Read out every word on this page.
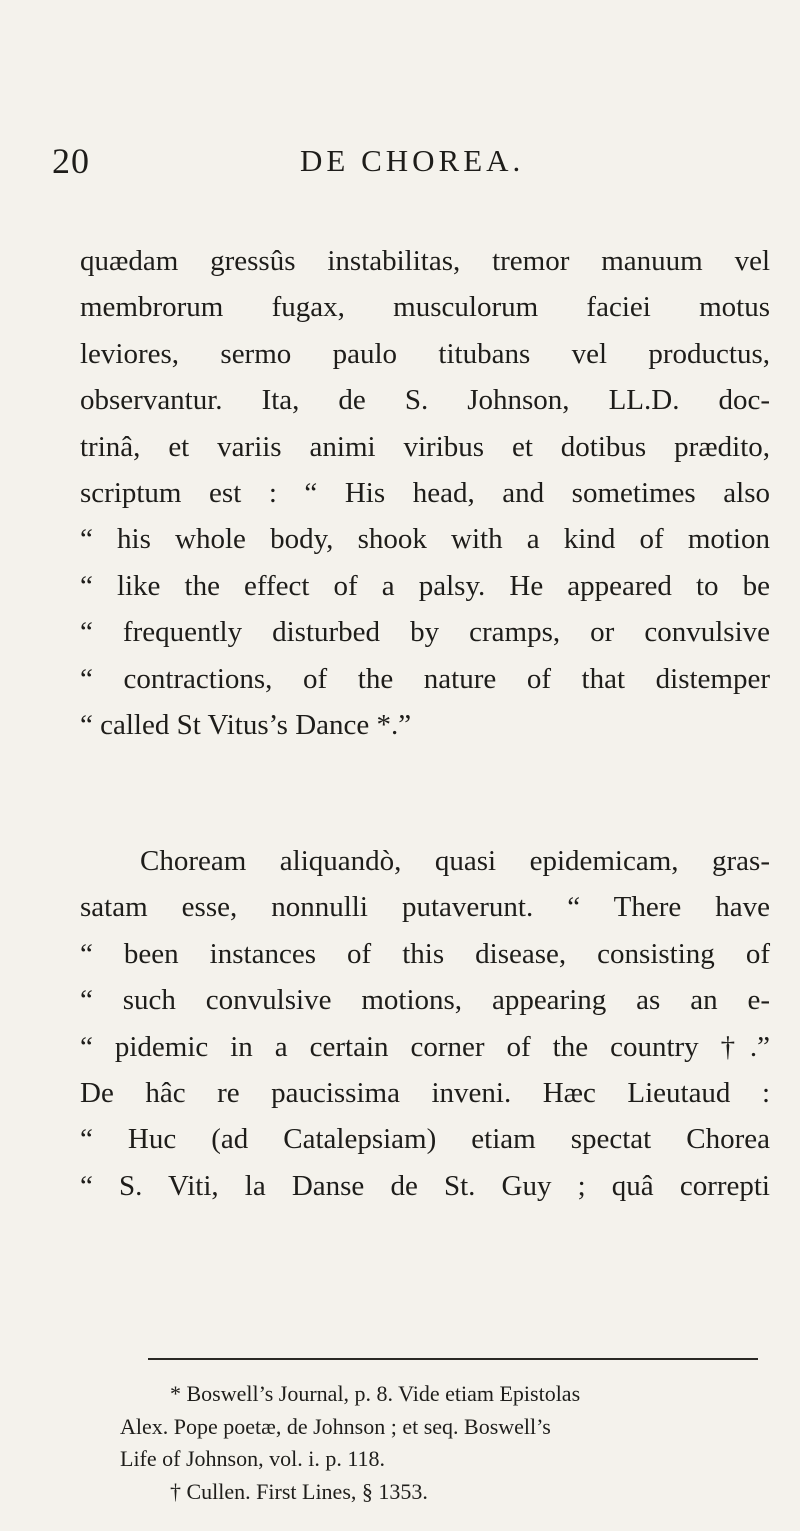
20	DE CHOREA.
quædam gressûs instabilitas, tremor manuum vel
membrorum fugax, musculorum faciei motus
leviores, sermo paulo titubans vel productus,
observantur. Ita, de S. Johnson, LL.D. doc-
trinâ, et variis animi viribus et dotibus prædito,
scriptum est : “ His head, and sometimes also
“ his whole body, shook with a kind of motion
“ like the effect of a palsy. He appeared to be
“ frequently disturbed by cramps, or convulsive
“ contractions, of the nature of that distemper
“ called St Vitus’s Dance *.”
Choream aliquandò, quasi epidemicam, gras-
satam esse, nonnulli putaverunt. “ There have
“ been instances of this disease, consisting of
“ such convulsive motions, appearing as an e-
“ pidemic in a certain corner of the country †.”
De hâc re paucissima inveni. Hæc Lieutaud :
“ Huc (ad Catalepsiam) etiam spectat Chorea
“ S. Viti, la Danse de St. Guy ; quâ correpti
* Boswell’s Journal, p. 8. Vide etiam Epistolas
Alex. Pope poetæ, de Johnson ; et seq. Boswell’s
Life of Johnson, vol. i. p. 118.
† Cullen. First Lines, § 1353.
